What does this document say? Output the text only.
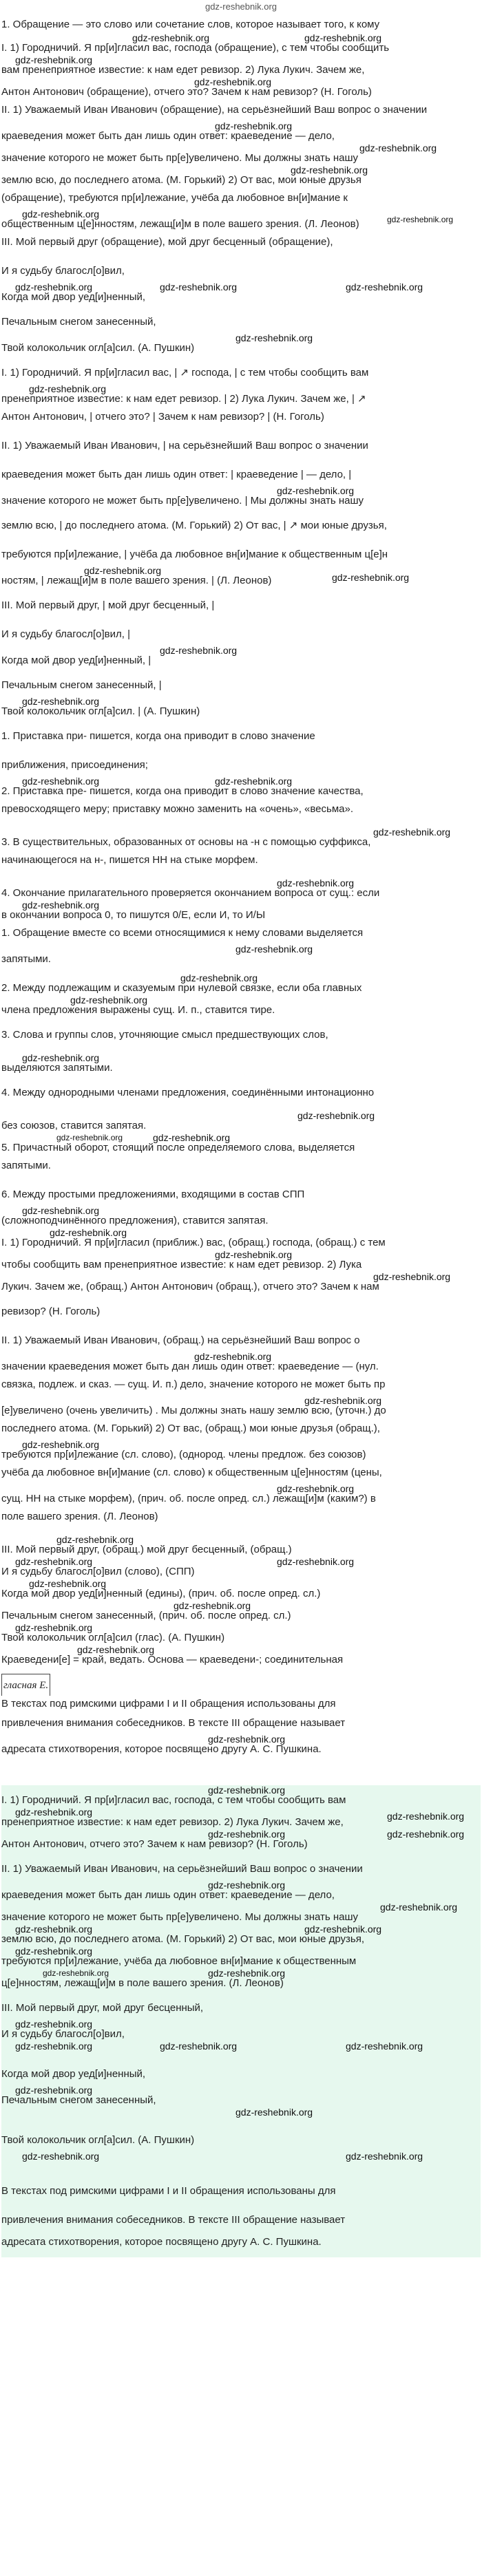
gdz-reshebnik.org
1. Обращение — это слово или сочетание слов, которое называет того, к кому
gdz-reshebnik.org	gdz-reshebnik.org
I. 1) Городничий. Я пр[и]гласил вас, господа (обращение), с тем чтобы сообщить
gdz-reshebnik.org
вам пренеприятное известие: к нам едет ревизор. 2) Лука Лукич. Зачем же,
gdz-reshebnik.org
Антон Антонович (обращение), отчего это? Зачем к нам ревизор? (Н. Гоголь)
II. 1) Уважаемый Иван Иванович (обращение), на серьёзнейший Ваш вопрос о значении
gdz-reshebnik.org
краеведения может быть дан лишь один ответ: краеведение — дело,
gdz-reshebnik.org
значение которого не может быть пр[е]увеличено. Мы должны знать нашу
gdz-reshebnik.org
землю всю, до последнего атома. (М. Горький) 2) От вас, мои юные друзья
(обращение), требуются пр[и]лежание, учёба да любовное вн[и]мание к
gdz-reshebnik.org	gdz-reshebnik.org
общественным ц[е]нностям, лежащ[и]м в поле вашего зрения. (Л. Леонов)
III. Мой первый друг (обращение), мой друг бесценный (обращение),
И я судьбу благосл[о]вил,
gdz-reshebnik.org	gdz-reshebnik.org	gdz-reshebnik.org
Когда мой двор уед[и]ненный,
Печальным снегом занесенный,
gdz-reshebnik.org
Твой колокольчик огл[а]сил. (А. Пушкин)
I. 1) Городничий. Я пр[и]гласил вас, | ↗ господа, | с тем чтобы сообщить вам
gdz-reshebnik.org
пренеприятное известие: к нам едет ревизор. | 2) Лука Лукич. Зачем же, | ↗
Антон Антонович, | отчего это? | Зачем к нам ревизор? | (Н. Гоголь)
II. 1) Уважаемый Иван Иванович, | на серьёзнейший Ваш вопрос о значении
краеведения может быть дан лишь один ответ: | краеведение | — дело, |
gdz-reshebnik.org
значение которого не может быть пр[е]увеличено. | Мы должны знать нашу
землю всю, | до последнего атома. (М. Горький) 2) От вас, | ↗ мои юные друзья,
требуются пр[и]лежание, | учёба да любовное вн[и]мание к общественным ц[е]н
gdz-reshebnik.org
gdz-reshebnik.org
ностям, | лежащ[и]м в поле вашего зрения. | (Л. Леонов)
III. Мой первый друг, | мой друг бесценный, |
И я судьбу благосл[о]вил, |
gdz-reshebnik.org
Когда мой двор уед[и]ненный, |
Печальным снегом занесенный, |
gdz-reshebnik.org
Твой колокольчик огл[а]сил. | (А. Пушкин)
1. Приставка при- пишется, когда она приводит в слово значение
приближения, присоединения;
gdz-reshebnik.org	gdz-reshebnik.org
2. Приставка пре- пишется, когда она приводит в слово значение качества,
превосходящего меру; приставку можно заменить на «очень», «весьма».
gdz-reshebnik.org
3. В существительных, образованных от основы на -н с помощью суффикса,
начинающегося на н-, пишется НН на стыке морфем.
gdz-reshebnik.org
4. Окончание прилагательного проверяется окончанием вопроса от сущ.: если
gdz-reshebnik.org
в окончании вопроса 0, то пишутся 0/Е, если И, то И/Ы
1. Обращение вместе со всеми относящимися к нему словами выделяется
gdz-reshebnik.org
запятыми.
gdz-reshebnik.org
2. Между подлежащим и сказуемым при нулевой связке, если оба главных
gdz-reshebnik.org
члена предложения выражены сущ. И. п., ставится тире.
3. Слова и группы слов, уточняющие смысл предшествующих слов,
gdz-reshebnik.org
выделяются запятыми.
4. Между однородными членами предложения, соединёнными интонационно
gdz-reshebnik.org
без союзов, ставится запятая.
gdz-reshebnik.org	gdz-reshebnik.org
5. Причастный оборот, стоящий после определяемого слова, выделяется
запятыми.
6. Между простыми предложениями, входящими в состав СПП
gdz-reshebnik.org
(сложноподчинённого предложения), ставится запятая.
gdz-reshebnik.org
I. 1) Городничий. Я пр[и]гласил (приближ.) вас, (обращ.) господа, (обращ.) с тем
gdz-reshebnik.org
чтобы сообщить вам пренеприятное известие: к нам едет ревизор. 2) Лука
gdz-reshebnik.org
Лукич. Зачем же, (обращ.) Антон Антонович (обращ.), отчего это? Зачем к нам
ревизор? (Н. Гоголь)
II. 1) Уважаемый Иван Иванович, (обращ.) на серьёзнейший Ваш вопрос о
gdz-reshebnik.org
значении краеведения может быть дан лишь один ответ: краеведение — (нул.
связка, подлеж. и сказ. — сущ. И. п.) дело, значение которого не может быть пр
gdz-reshebnik.org
[е]увеличено (очень увеличить) . Мы должны знать нашу землю всю, (уточн.) до
последнего атома. (М. Горький) 2) От вас, (обращ.) мои юные друзья (обращ.),
gdz-reshebnik.org
требуются пр[и]лежание (сл. слово), (однород. члены предлож. без союзов)
учёба да любовное вн[и]мание (сл. слово) к общественным ц[е]нностям (цены,
gdz-reshebnik.org
сущ. НН на стыке морфем), (прич. об. после опред. сл.) лежащ[и]м (каким?) в
поле вашего зрения. (Л. Леонов)
gdz-reshebnik.org
III. Мой первый друг, (обращ.) мой друг бесценный, (обращ.)
gdz-reshebnik.org	gdz-reshebnik.org
И я судьбу благосл[о]вил (слово), (СПП)
gdz-reshebnik.org
Когда мой двор уед[и]ненный (едины), (прич. об. после опред. сл.)
gdz-reshebnik.org
Печальным снегом занесенный, (прич. об. после опред. сл.)
gdz-reshebnik.org
Твой колокольчик огл[а]сил (глас). (А. Пушкин)
gdz-reshebnik.org
Краеведени[е] = край, ведать. Основа — краеведени-; соединительная
гласная Е.
В текстах под римскими цифрами I и II обращения использованы для
привлечения внимания собеседников. В тексте III обращение называет
gdz-reshebnik.org
адресата стихотворения, которое посвящено другу А. С. Пушкина.
gdz-reshebnik.org
I. 1) Городничий. Я пр[и]гласил вас, господа, с тем чтобы сообщить вам
gdz-reshebnik.org	gdz-reshebnik.org
пренеприятное известие: к нам едет ревизор. 2) Лука Лукич. Зачем же,
gdz-reshebnik.org	gdz-reshebnik.org
Антон Антонович, отчего это? Зачем к нам ревизор? (Н. Гоголь)
II. 1) Уважаемый Иван Иванович, на серьёзнейший Ваш вопрос о значении
gdz-reshebnik.org
краеведения может быть дан лишь один ответ: краеведение — дело,
gdz-reshebnik.org
значение которого не может быть пр[е]увеличено. Мы должны знать нашу
gdz-reshebnik.org	gdz-reshebnik.org
землю всю, до последнего атома. (М. Горький) 2) От вас, мои юные друзья,
gdz-reshebnik.org
требуются пр[и]лежание, учёба да любовное вн[и]мание к общественным
gdz-reshebnik.org	gdz-reshebnik.org
ц[е]нностям, лежащ[и]м в поле вашего зрения. (Л. Леонов)
III. Мой первый друг, мой друг бесценный,
gdz-reshebnik.org
И я судьбу благосл[о]вил,
gdz-reshebnik.org	gdz-reshebnik.org	gdz-reshebnik.org
Когда мой двор уед[и]ненный,
gdz-reshebnik.org
Печальным снегом занесенный,
gdz-reshebnik.org
Твой колокольчик огл[а]сил. (А. Пушкин)
gdz-reshebnik.org	gdz-reshebnik.org
В текстах под римскими цифрами I и II обращения использованы для
привлечения внимания собеседников. В тексте III обращение называет
адресата стихотворения, которое посвящено другу А. С. Пушкина.
